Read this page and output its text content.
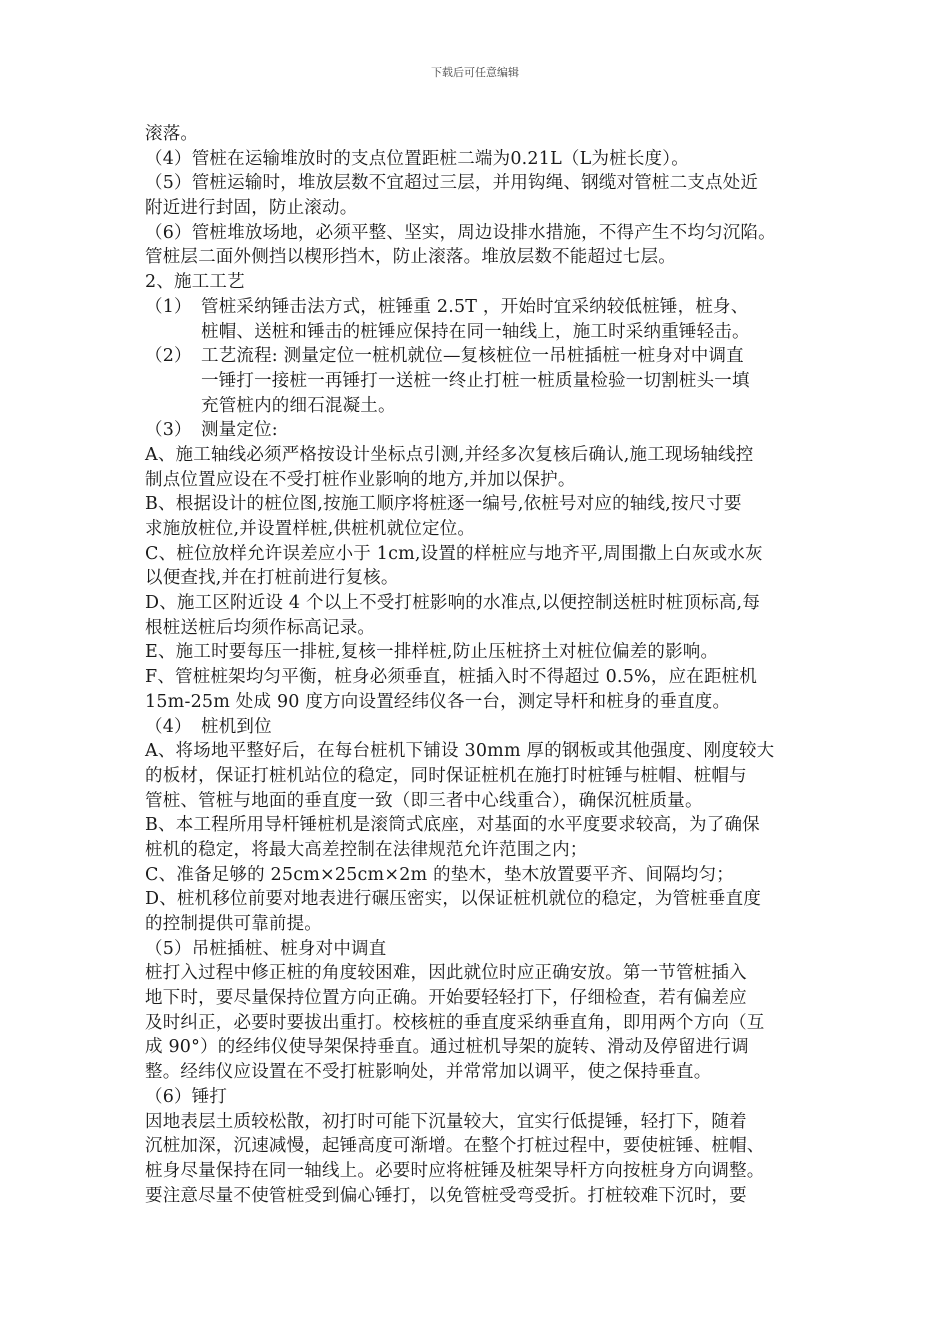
下载后可任意编辑
滚落。
（4）管桩在运输堆放时的支点位置距桩二端为0.21L（L为桩长度）。
（5）管桩运输时，堆放层数不宜超过三层，并用钩绳、钢缆对管桩二支点处近
附近进行封固，防止滚动。
（6）管桩堆放场地，必须平整、坚实，周边设排水措施，不得产生不均匀沉陷。
管桩层二面外侧挡以楔形挡木，防止滚落。堆放层数不能超过七层。
2、施工工艺
（1） 管桩采纳锤击法方式，桩锤重 2.5T ，开始时宜采纳较低桩锤，桩身、
桩帽、送桩和锤击的桩锤应保持在同一轴线上，施工时采纳重锤轻击。
（2） 工艺流程: 测量定位一桩机就位—复核桩位一吊桩插桩一桩身对中调直
一锤打一接桩一再锤打一送桩一终止打桩一桩质量检验一切割桩头一填
充管桩内的细石混凝土。
（3） 测量定位:
A、施工轴线必须严格按设计坐标点引测,并经多次复核后确认,施工现场轴线控
制点位置应设在不受打桩作业影响的地方,并加以保护。
B、根据设计的桩位图,按施工顺序将桩逐一编号,依桩号对应的轴线,按尺寸要
求施放桩位,并设置样桩,供桩机就位定位。
C、桩位放样允许误差应小于 1cm,设置的样桩应与地齐平,周围撒上白灰或水灰
以便查找,并在打桩前进行复核。
D、施工区附近设 4 个以上不受打桩影响的水准点,以便控制送桩时桩顶标高,每
根桩送桩后均须作标高记录。
E、施工时要每压一排桩,复核一排样桩,防止压桩挤土对桩位偏差的影响。
F、管桩桩架均匀平衡，桩身必须垂直，桩插入时不得超过 0.5%，应在距桩机
15m-25m 处成 90 度方向设置经纬仪各一台，测定导杆和桩身的垂直度。
（4） 桩机到位
A、将场地平整好后，在每台桩机下铺设 30mm 厚的钢板或其他强度、刚度较大
的板材，保证打桩机站位的稳定，同时保证桩机在施打时桩锤与桩帽、桩帽与
管桩、管桩与地面的垂直度一致（即三者中心线重合），确保沉桩质量。
B、本工程所用导杆锤桩机是滚筒式底座，对基面的水平度要求较高，为了确保
桩机的稳定，将最大高差控制在法律规范允许范围之内；
C、准备足够的 25cm×25cm×2m 的垫木，垫木放置要平齐、间隔均匀；
D、桩机移位前要对地表进行碾压密实，以保证桩机就位的稳定，为管桩垂直度
的控制提供可靠前提。
（5）吊桩插桩、桩身对中调直
桩打入过程中修正桩的角度较困难，因此就位时应正确安放。第一节管桩插入
地下时，要尽量保持位置方向正确。开始要轻轻打下，仔细检查，若有偏差应
及时纠正，必要时要拔出重打。校核桩的垂直度采纳垂直角，即用两个方向（互
成 90°）的经纬仪使导架保持垂直。通过桩机导架的旋转、滑动及停留进行调
整。经纬仪应设置在不受打桩影响处，并常常加以调平，使之保持垂直。
（6）锤打
因地表层土质较松散，初打时可能下沉量较大，宜实行低提锤，轻打下，随着
沉桩加深，沉速减慢，起锤高度可渐增。在整个打桩过程中，要使桩锤、桩帽、
桩身尽量保持在同一轴线上。必要时应将桩锤及桩架导杆方向按桩身方向调整。
要注意尽量不使管桩受到偏心锤打，以免管桩受弯受折。打桩较难下沉时，要
